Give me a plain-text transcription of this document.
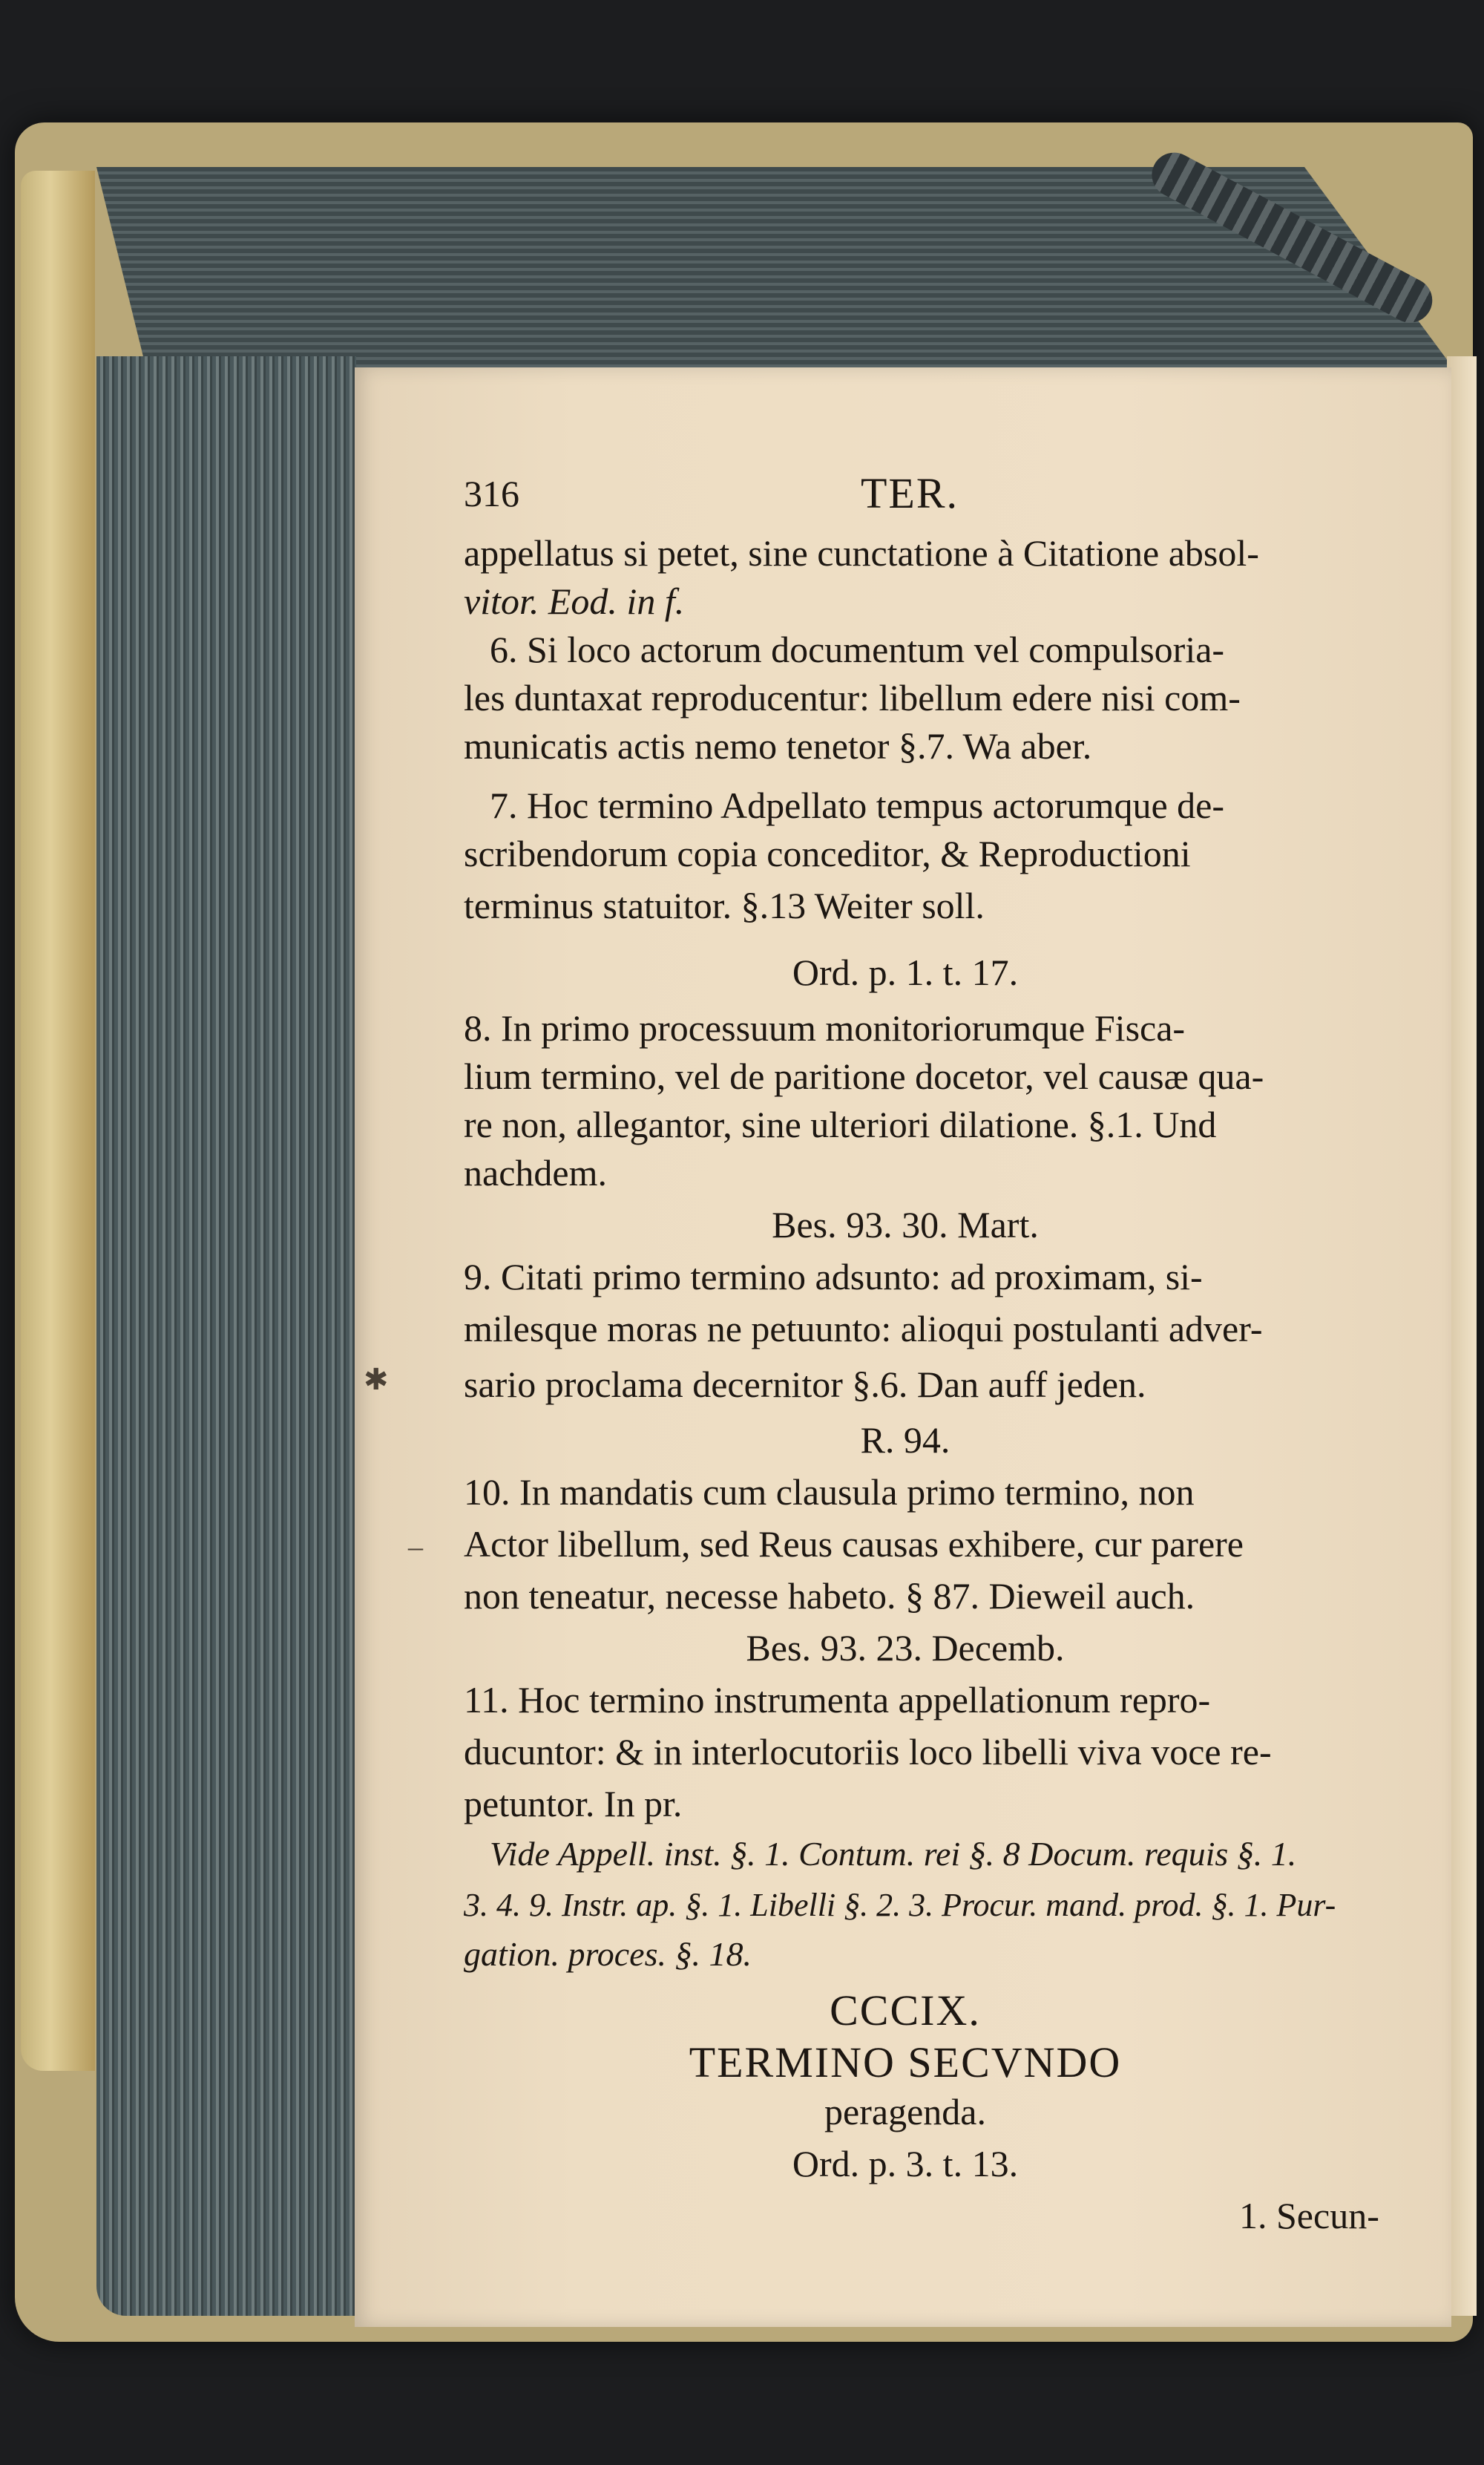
316	TER.
appellatus si petet, sine cunctatione à Citatione absol-
vitor. Eod. in f.
6. Si loco actorum documentum vel compulsoria-
les duntaxat reproducentur: libellum edere nisi com-
municatis actis nemo tenetor §.7. Wa aber.
7. Hoc termino Adpellato tempus actorumque de-
scribendorum copia conceditor, & Reproductioni
terminus statuitor. §.13 Weiter soll.
Ord. p. 1. t. 17.
8. In primo processuum monitoriorumque Fisca-
lium termino, vel de paritione docetor, vel causæ qua-
re non, allegantor, sine ulteriori dilatione. §.1. Und
nachdem.
Bes. 93. 30. Mart.
9. Citati primo termino adsunto: ad proximam, si-
milesque moras ne petuunto: alioqui postulanti adver-
sario proclama decernitor §.6. Dan auff jeden.
R. 94.
10. In mandatis cum clausula primo termino, non
Actor libellum, sed Reus causas exhibere, cur parere
non teneatur, necesse habeto. § 87. Dieweil auch.
Bes. 93. 23. Decemb.
11. Hoc termino instrumenta appellationum repro-
ducuntor: & in interlocutoriis loco libelli viva voce re-
petuntor. In pr.
Vide Appell. inst. §. 1. Contum. rei §. 8 Docum. requis §. 1.
3. 4. 9. Instr. ap. §. 1. Libelli §. 2. 3. Procur. mand. prod. §. 1. Pur-
gation. proces. §. 18.
CCCIX.
TERMINO SECVNDO
peragenda.
Ord. p. 3. t. 13.
1. Secun-
✱
–
